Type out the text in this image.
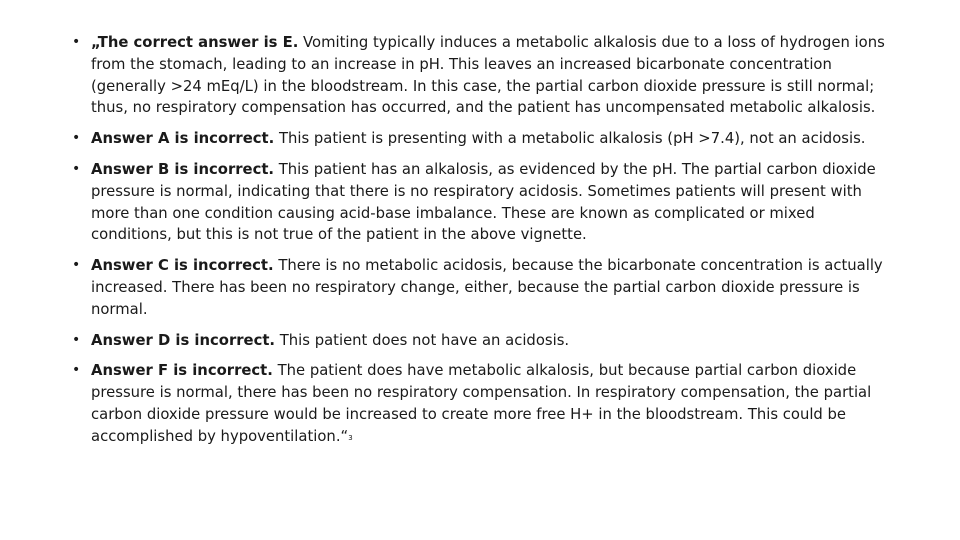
• „The correct answer is E. Vomiting typically induces a metabolic alkalosis due to a loss of hydrogen ions from the stomach, leading to an increase in pH. This leaves an increased bicarbonate concentration (generally >24 mEq/L) in the bloodstream. In this case, the partial carbon dioxide pressure is still normal; thus, no respiratory compensation has occurred, and the patient has uncompensated metabolic alkalosis.
• Answer A is incorrect. This patient is presenting with a metabolic alkalosis (pH >7.4), not an acidosis.
• Answer B is incorrect. This patient has an alkalosis, as evidenced by the pH. The partial carbon dioxide pressure is normal, indicating that there is no respiratory acidosis. Sometimes patients will present with more than one condition causing acid-base imbalance. These are known as complicated or mixed conditions, but this is not true of the patient in the above vignette.
• Answer C is incorrect. There is no metabolic acidosis, because the bicarbonate concentration is actually increased. There has been no respiratory change, either, because the partial carbon dioxide pressure is normal.
• Answer D is incorrect. This patient does not have an acidosis.
• Answer F is incorrect. The patient does have metabolic alkalosis, but because partial carbon dioxide pressure is normal, there has been no respiratory compensation. In respiratory compensation, the partial carbon dioxide pressure would be increased to create more free H+ in the bloodstream. This could be accomplished by hypoventilation.“3
